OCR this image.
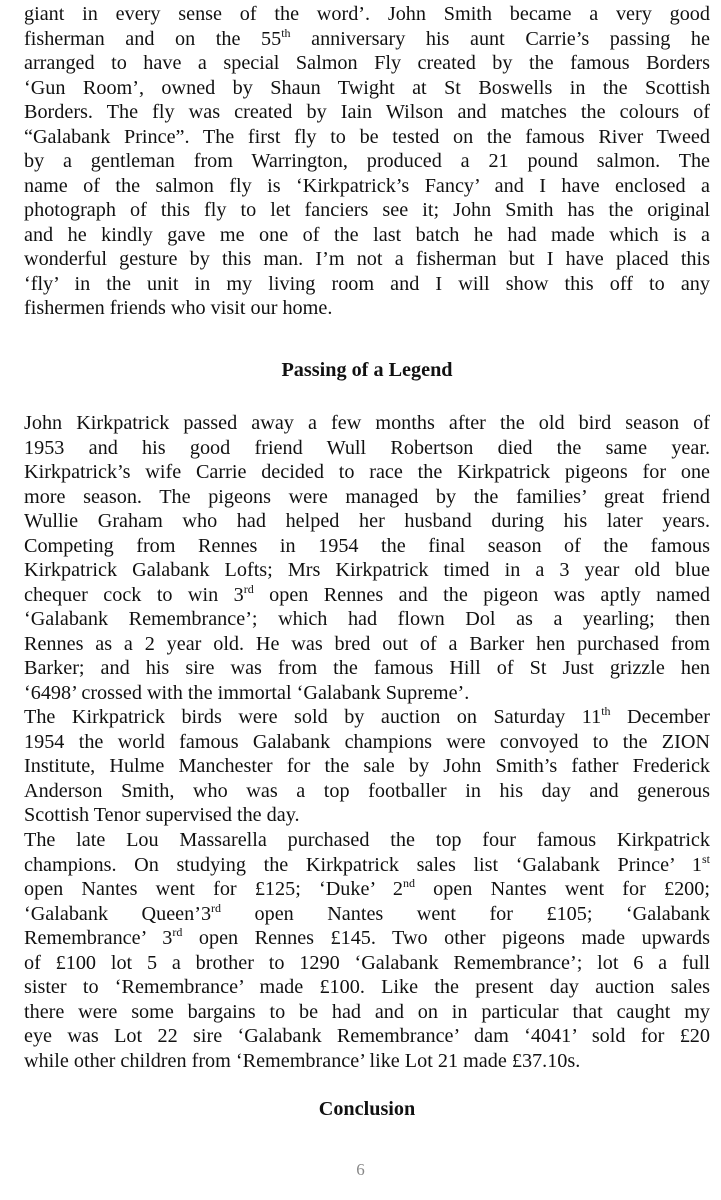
giant in every sense of the word’. John Smith became a very good
fisherman and on the 55th anniversary his aunt Carrie’s passing he
arranged to have a special Salmon Fly created by the famous Borders
‘Gun Room’, owned by Shaun Twight at St Boswells in the Scottish
Borders. The fly was created by Iain Wilson and matches the colours of
“Galabank Prince”. The first fly to be tested on the famous River Tweed
by a gentleman from Warrington, produced a 21 pound salmon. The
name of the salmon fly is ‘Kirkpatrick’s Fancy’ and I have enclosed a
photograph of this fly to let fanciers see it; John Smith has the original
and he kindly gave me one of the last batch he had made which is a
wonderful gesture by this man. I’m not a fisherman but I have placed this
‘fly’ in the unit in my living room and I will show this off to any
fishermen friends who visit our home.
Passing of a Legend
John Kirkpatrick passed away a few months after the old bird season of
1953 and his good friend Wull Robertson died the same year.
Kirkpatrick’s wife Carrie decided to race the Kirkpatrick pigeons for one
more season. The pigeons were managed by the families’ great friend
Wullie Graham who had helped her husband during his later years.
Competing from Rennes in 1954 the final season of the famous
Kirkpatrick Galabank Lofts; Mrs Kirkpatrick timed in a 3 year old blue
chequer cock to win 3rd open Rennes and the pigeon was aptly named
‘Galabank Remembrance’; which had flown Dol as a yearling; then
Rennes as a 2 year old. He was bred out of a Barker hen purchased from
Barker; and his sire was from the famous Hill of St Just grizzle hen
‘6498’ crossed with the immortal ‘Galabank Supreme’.
The Kirkpatrick birds were sold by auction on Saturday 11th December
1954 the world famous Galabank champions were convoyed to the ZION
Institute, Hulme Manchester for the sale by John Smith’s father Frederick
Anderson Smith, who was a top footballer in his day and generous
Scottish Tenor supervised the day.
The late Lou Massarella purchased the top four famous Kirkpatrick
champions. On studying the Kirkpatrick sales list ‘Galabank Prince’ 1st
open Nantes went for £125; ‘Duke’ 2nd open Nantes went for £200;
‘Galabank Queen’3rd open Nantes went for £105; ‘Galabank
Remembrance’ 3rd open Rennes £145. Two other pigeons made upwards
of £100 lot 5 a brother to 1290 ‘Galabank Remembrance’; lot 6 a full
sister to ‘Remembrance’ made £100. Like the present day auction sales
there were some bargains to be had and on in particular that caught my
eye was Lot 22 sire ‘Galabank Remembrance’ dam ‘4041’ sold for £20
while other children from ‘Remembrance’ like Lot 21 made £37.10s.
Conclusion
6
